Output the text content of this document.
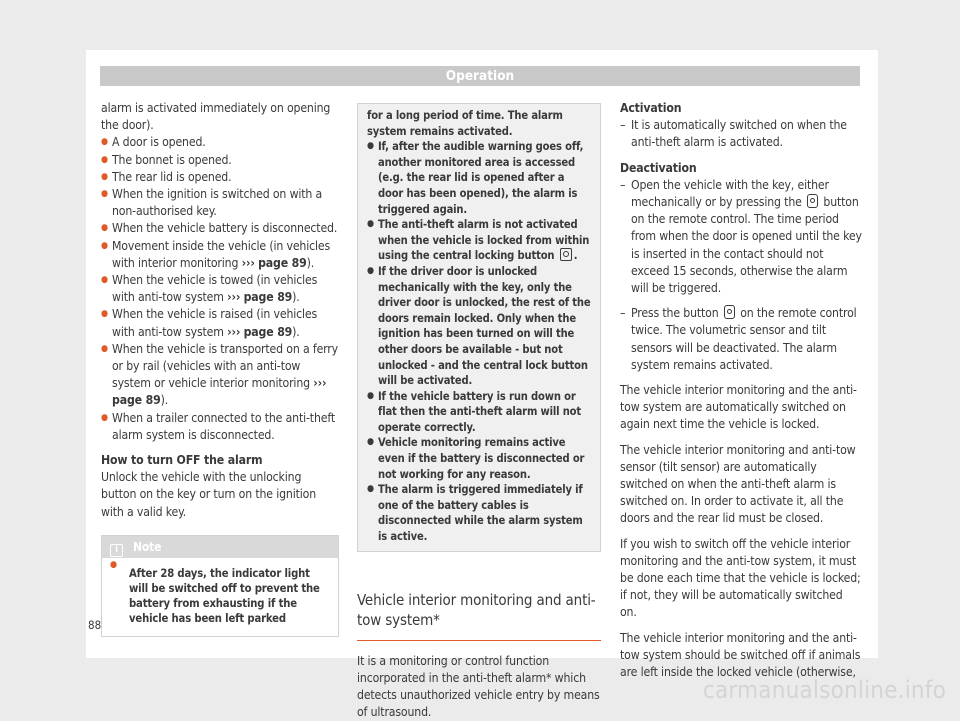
Operation

alarm is activated immediately on opening the door).

● A door is opened.

● The bonnet is opened.

● The rear lid is opened.

● When the ignition is switched on with a non-authorised key.

● When the vehicle battery is disconnected.

● Movement inside the vehicle (in vehicles with interior monitoring ››› page 89).

● When the vehicle is towed (in vehicles with anti-tow system ››› page 89).

● When the vehicle is raised (in vehicles with anti-tow system ››› page 89).

● When the vehicle is transported on a ferry or by rail (vehicles with an anti-tow system or vehicle interior monitoring ››› page 89).

● When a trailer connected to the anti-theft alarm system is disconnected.

How to turn OFF the alarm

Unlock the vehicle with the unlocking button on the key or turn on the ignition with a valid key.

i Note
● After 28 days, the indicator light will be switched off to prevent the battery from exhausting if the vehicle has been left parked

for a long period of time. The alarm system remains activated.

● If, after the audible warning goes off, another monitored area is accessed (e.g. the rear lid is opened after a door has been opened), the alarm is triggered again.

● The anti-theft alarm is not activated when the vehicle is locked from within using the central locking button .

● If the driver door is unlocked mechanically with the key, only the driver door is unlocked, the rest of the doors remain locked. Only when the ignition has been turned on will the other doors be available - but not unlocked - and the central lock button will be activated.

● If the vehicle battery is run down or flat then the anti-theft alarm will not operate correctly.

● Vehicle monitoring remains active even if the battery is disconnected or not working for any reason.

● The alarm is triggered immediately if one of the battery cables is disconnected while the alarm system is active.

Vehicle interior monitoring and anti-tow system*

It is a monitoring or control function incorporated in the anti-theft alarm* which detects unauthorized vehicle entry by means of ultrasound.

Activation

– It is automatically switched on when the anti-theft alarm is activated.

Deactivation

– Open the vehicle with the key, either mechanically or by pressing the  button on the remote control. The time period from when the door is opened until the key is inserted in the contact should not exceed 15 seconds, otherwise the alarm will be triggered.

– Press the button  on the remote control twice. The volumetric sensor and tilt sensors will be deactivated. The alarm system remains activated.

The vehicle interior monitoring and the anti-tow system are automatically switched on again next time the vehicle is locked.

The vehicle interior monitoring and anti-tow sensor (tilt sensor) are automatically switched on when the anti-theft alarm is switched on. In order to activate it, all the doors and the rear lid must be closed.

If you wish to switch off the vehicle interior monitoring and the anti-tow system, it must be done each time that the vehicle is locked; if not, they will be automatically switched on.

The vehicle interior monitoring and the anti-tow system should be switched off if animals are left inside the locked vehicle (otherwise,

88
carmanualsonline.info
